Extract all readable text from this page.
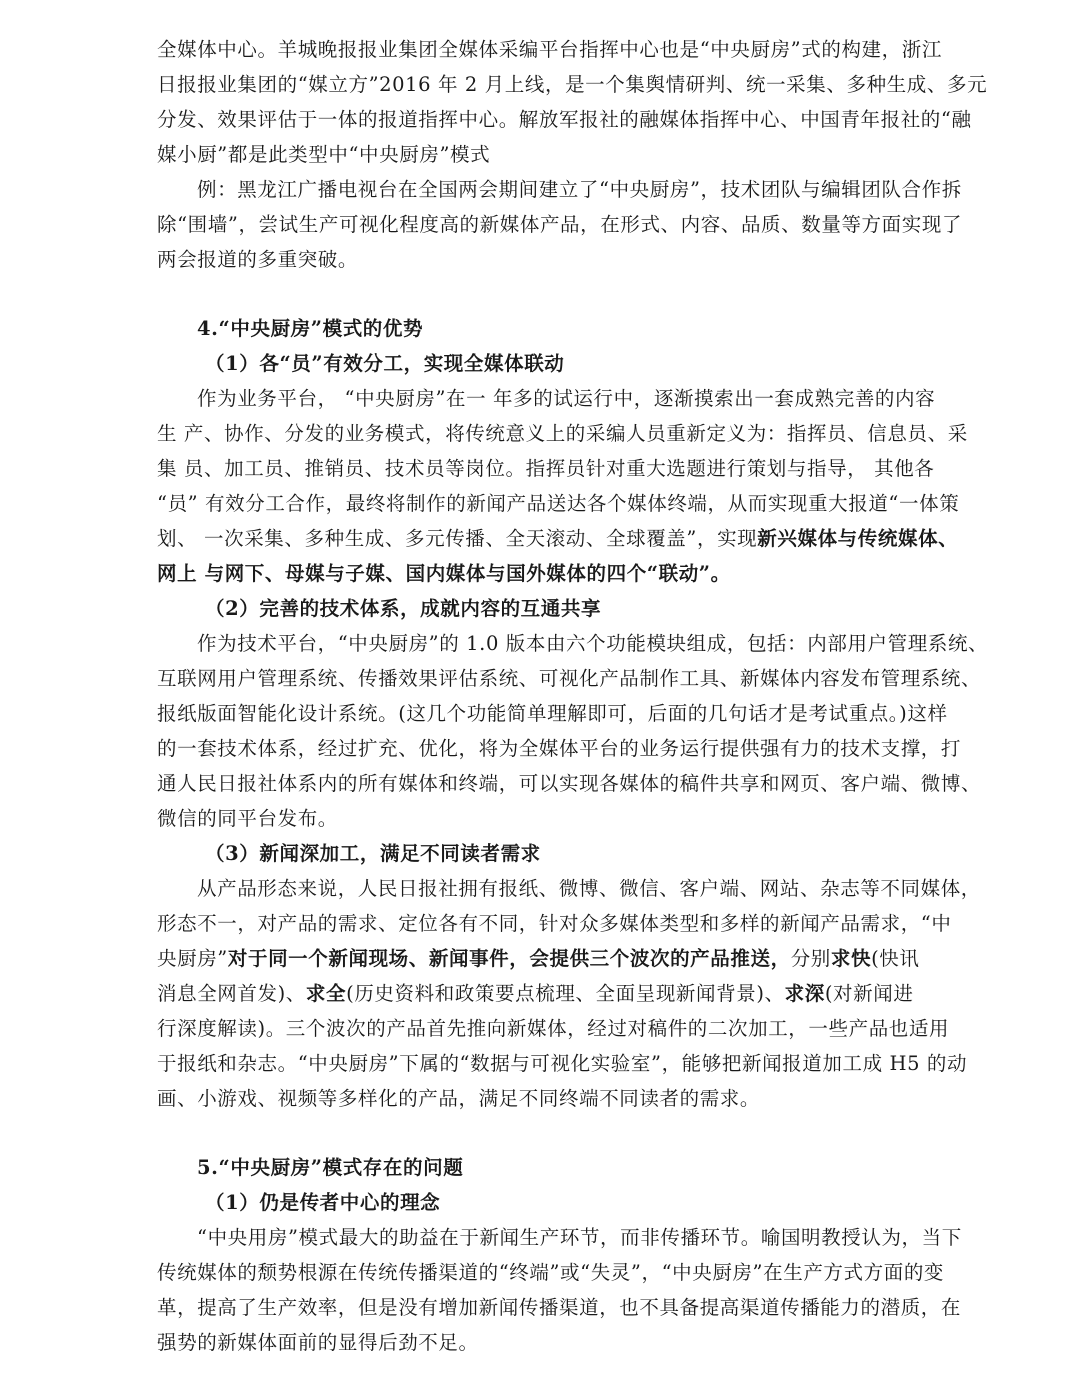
全媒体中心。羊城晚报报业集团全媒体采编平台指挥中心也是“中央厨房”式的构建，浙江
日报报业集团的“媒立方”2016 年 2 月上线，是一个集舆情研判、统一采集、多种生成、多元
分发、效果评估于一体的报道指挥中心。解放军报社的融媒体指挥中心、中国青年报社的“融
媒小厨”都是此类型中“中央厨房”模式
例：黑龙江广播电视台在全国两会期间建立了“中央厨房”，技术团队与编辑团队合作拆
除“围墙”，尝试生产可视化程度高的新媒体产品，在形式、内容、品质、数量等方面实现了
两会报道的多重突破。
4.“中央厨房”模式的优势
（1）各“员”有效分工，实现全媒体联动
作为业务平台， “中央厨房”在一 年多的试运行中，逐渐摸索出一套成熟完善的内容
生 产、协作、分发的业务模式，将传统意义上的采编人员重新定义为：指挥员、信息员、采
集 员、加工员、推销员、技术员等岗位。指挥员针对重大选题进行策划与指导， 其他各
“员” 有效分工合作，最终将制作的新闻产品送达各个媒体终端，从而实现重大报道“一体策
划、 一次采集、多种生成、多元传播、全天滚动、全球覆盖”，实现新兴媒体与传统媒体、
网上 与网下、母媒与子媒、国内媒体与国外媒体的四个“联动”。
（2）完善的技术体系，成就内容的互通共享
作为技术平台，“中央厨房”的 1.0 版本由六个功能模块组成，包括：内部用户管理系统、
互联网用户管理系统、传播效果评估系统、可视化产品制作工具、新媒体内容发布管理系统、
报纸版面智能化设计系统。(这几个功能简单理解即可，后面的几句话才是考试重点。)这样
的一套技术体系，经过扩充、优化，将为全媒体平台的业务运行提供强有力的技术支撑，打
通人民日报社体系内的所有媒体和终端，可以实现各媒体的稿件共享和网页、客户端、微博、
微信的同平台发布。
（3）新闻深加工，满足不同读者需求
从产品形态来说，人民日报社拥有报纸、微博、微信、客户端、网站、杂志等不同媒体，
形态不一，对产品的需求、定位各有不同，针对众多媒体类型和多样的新闻产品需求，“中
央厨房”对于同一个新闻现场、新闻事件，会提供三个波次的产品推送，分别求快(快讯
消息全网首发)、求全(历史资料和政策要点梳理、全面呈现新闻背景)、求深(对新闻进
行深度解读)。三个波次的产品首先推向新媒体，经过对稿件的二次加工，一些产品也适用
于报纸和杂志。“中央厨房”下属的“数据与可视化实验室”，能够把新闻报道加工成 H5 的动
画、小游戏、视频等多样化的产品，满足不同终端不同读者的需求。
5.“中央厨房”模式存在的问题
（1）仍是传者中心的理念
“中央用房”模式最大的助益在于新闻生产环节，而非传播环节。喻国明教授认为，当下
传统媒体的颓势根源在传统传播渠道的“终端”或“失灵”，“中央厨房”在生产方式方面的变
革，提高了生产效率，但是没有增加新闻传播渠道，也不具备提高渠道传播能力的潜质，在
强势的新媒体面前的显得后劲不足。
